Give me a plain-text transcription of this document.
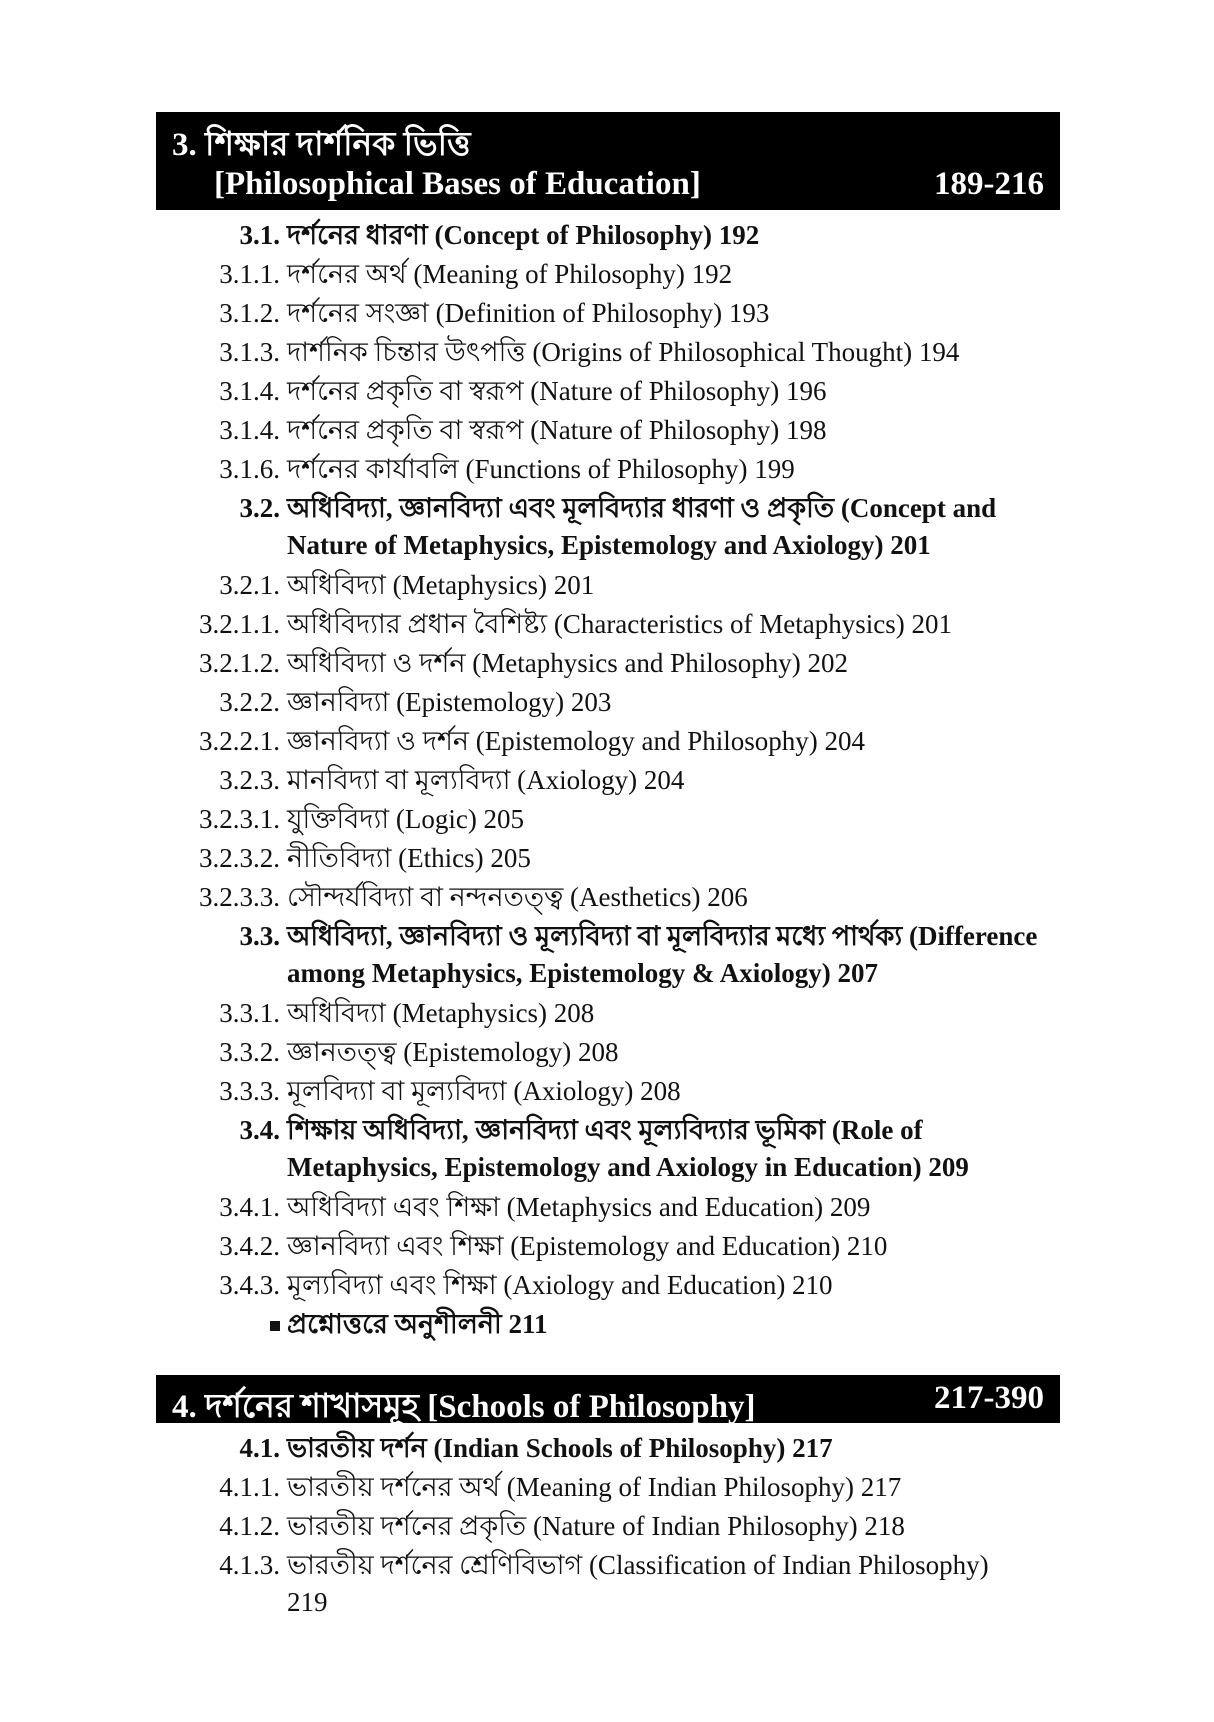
3. শিক্ষার দার্শনিক ভিত্তি
[Philosophical Bases of Education]	189-216
3.1. দর্শনের ধারণা (Concept of Philosophy) 192
3.1.1. দর্শনের অর্থ (Meaning of Philosophy) 192
3.1.2. দর্শনের সংজ্ঞা (Definition of Philosophy) 193
3.1.3. দার্শনিক চিন্তার উৎপত্তি (Origins of Philosophical Thought) 194
3.1.4. দর্শনের প্রকৃতি বা স্বরূপ (Nature of Philosophy) 196
3.1.4. দর্শনের প্রকৃতি বা স্বরূপ (Nature of Philosophy) 198
3.1.6. দর্শনের কার্যাবলি (Functions of Philosophy) 199
3.2. অধিবিদ্যা, জ্ঞানবিদ্যা এবং মূলবিদ্যার ধারণা ও প্রকৃতি (Concept and
Nature of Metaphysics, Epistemology and Axiology) 201
3.2.1. অধিবিদ্যা (Metaphysics) 201
3.2.1.1. অধিবিদ্যার প্রধান বৈশিষ্ট্য (Characteristics of Metaphysics) 201
3.2.1.2. অধিবিদ্যা ও দর্শন (Metaphysics and Philosophy) 202
3.2.2. জ্ঞানবিদ্যা (Epistemology) 203
3.2.2.1. জ্ঞানবিদ্যা ও দর্শন (Epistemology and Philosophy) 204
3.2.3. মানবিদ্যা বা মূল্যবিদ্যা (Axiology) 204
3.2.3.1. যুক্তিবিদ্যা (Logic) 205
3.2.3.2. নীতিবিদ্যা (Ethics) 205
3.2.3.3. সৌন্দর্যবিদ্যা বা নন্দনতত্ত্ব (Aesthetics) 206
3.3. অধিবিদ্যা, জ্ঞানবিদ্যা ও মূল্যবিদ্যা বা মূলবিদ্যার মধ্যে পার্থক্য (Difference
among Metaphysics, Epistemology & Axiology) 207
3.3.1. অধিবিদ্যা (Metaphysics) 208
3.3.2. জ্ঞানতত্ত্ব (Epistemology) 208
3.3.3. মূলবিদ্যা বা মূল্যবিদ্যা (Axiology) 208
3.4. শিক্ষায় অধিবিদ্যা, জ্ঞানবিদ্যা এবং মূল্যবিদ্যার ভূমিকা (Role of
Metaphysics, Epistemology and Axiology in Education) 209
3.4.1. অধিবিদ্যা এবং শিক্ষা (Metaphysics and Education) 209
3.4.2. জ্ঞানবিদ্যা এবং শিক্ষা (Epistemology and Education) 210
3.4.3. মূল্যবিদ্যা এবং শিক্ষা (Axiology and Education) 210
প্রশ্নোত্তরে অনুশীলনী 211
4. দর্শনের শাখাসমূহ [Schools of Philosophy]	217-390
4.1. ভারতীয় দর্শন (Indian Schools of Philosophy) 217
4.1.1. ভারতীয় দর্শনের অর্থ (Meaning of Indian Philosophy) 217
4.1.2. ভারতীয় দর্শনের প্রকৃতি (Nature of Indian Philosophy) 218
4.1.3. ভারতীয় দর্শনের শ্রেণিবিভাগ (Classification of Indian Philosophy)
219
